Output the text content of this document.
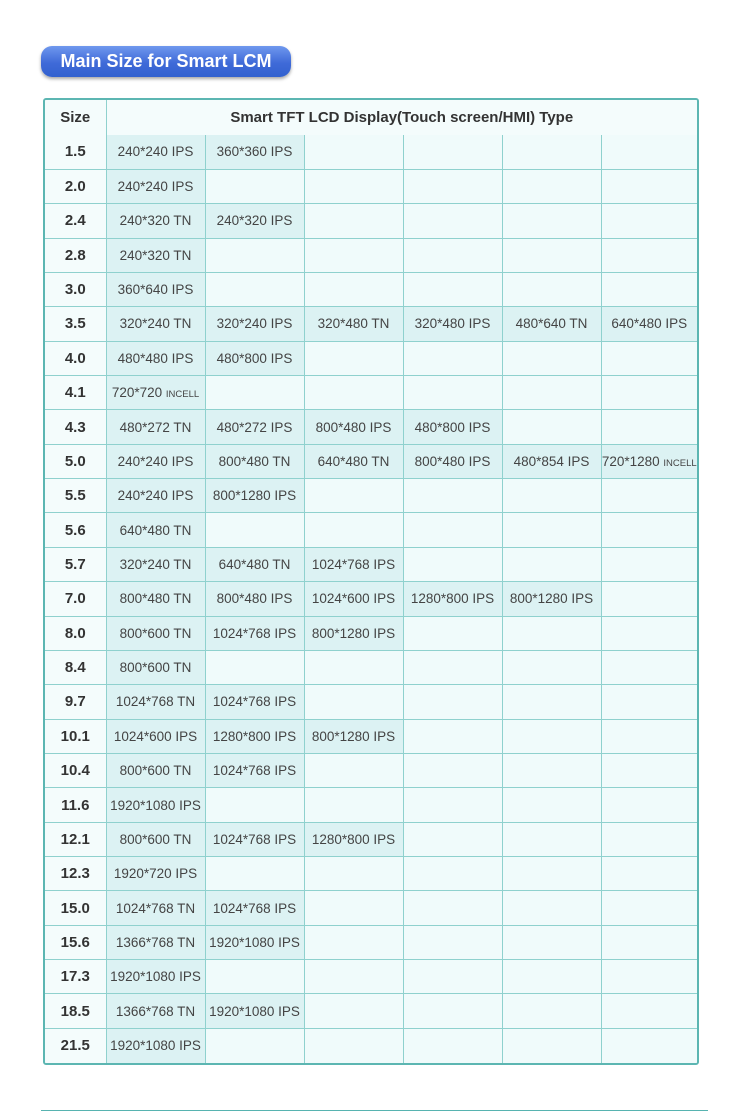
Main Size for Smart LCM
Size	Smart TFT LCD Display(Touch screen/HMI) Type					
1.5	240*240 IPS	360*360 IPS				
2.0	240*240 IPS					
2.4	240*320 TN	240*320 IPS				
2.8	240*320 TN					
3.0	360*640 IPS					
3.5	320*240 TN	320*240 IPS	320*480 TN	320*480 IPS	480*640 TN	640*480 IPS
4.0	480*480 IPS	480*800 IPS				
4.1	720*720 INCELL					
4.3	480*272 TN	480*272 IPS	800*480 IPS	480*800 IPS		
5.0	240*240 IPS	800*480 TN	640*480 TN	800*480 IPS	480*854 IPS	720*1280 INCELL
5.5	240*240 IPS	800*1280 IPS				
5.6	640*480 TN					
5.7	320*240 TN	640*480 TN	1024*768 IPS			
7.0	800*480 TN	800*480 IPS	1024*600 IPS	1280*800 IPS	800*1280 IPS	
8.0	800*600 TN	1024*768 IPS	800*1280 IPS			
8.4	800*600 TN					
9.7	1024*768 TN	1024*768 IPS				
10.1	1024*600 IPS	1280*800 IPS	800*1280 IPS			
10.4	800*600 TN	1024*768 IPS				
11.6	1920*1080 IPS					
12.1	800*600 TN	1024*768 IPS	1280*800 IPS			
12.3	1920*720 IPS					
15.0	1024*768 TN	1024*768 IPS				
15.6	1366*768 TN	1920*1080 IPS				
17.3	1920*1080 IPS					
18.5	1366*768 TN	1920*1080 IPS				
21.5	1920*1080 IPS					
